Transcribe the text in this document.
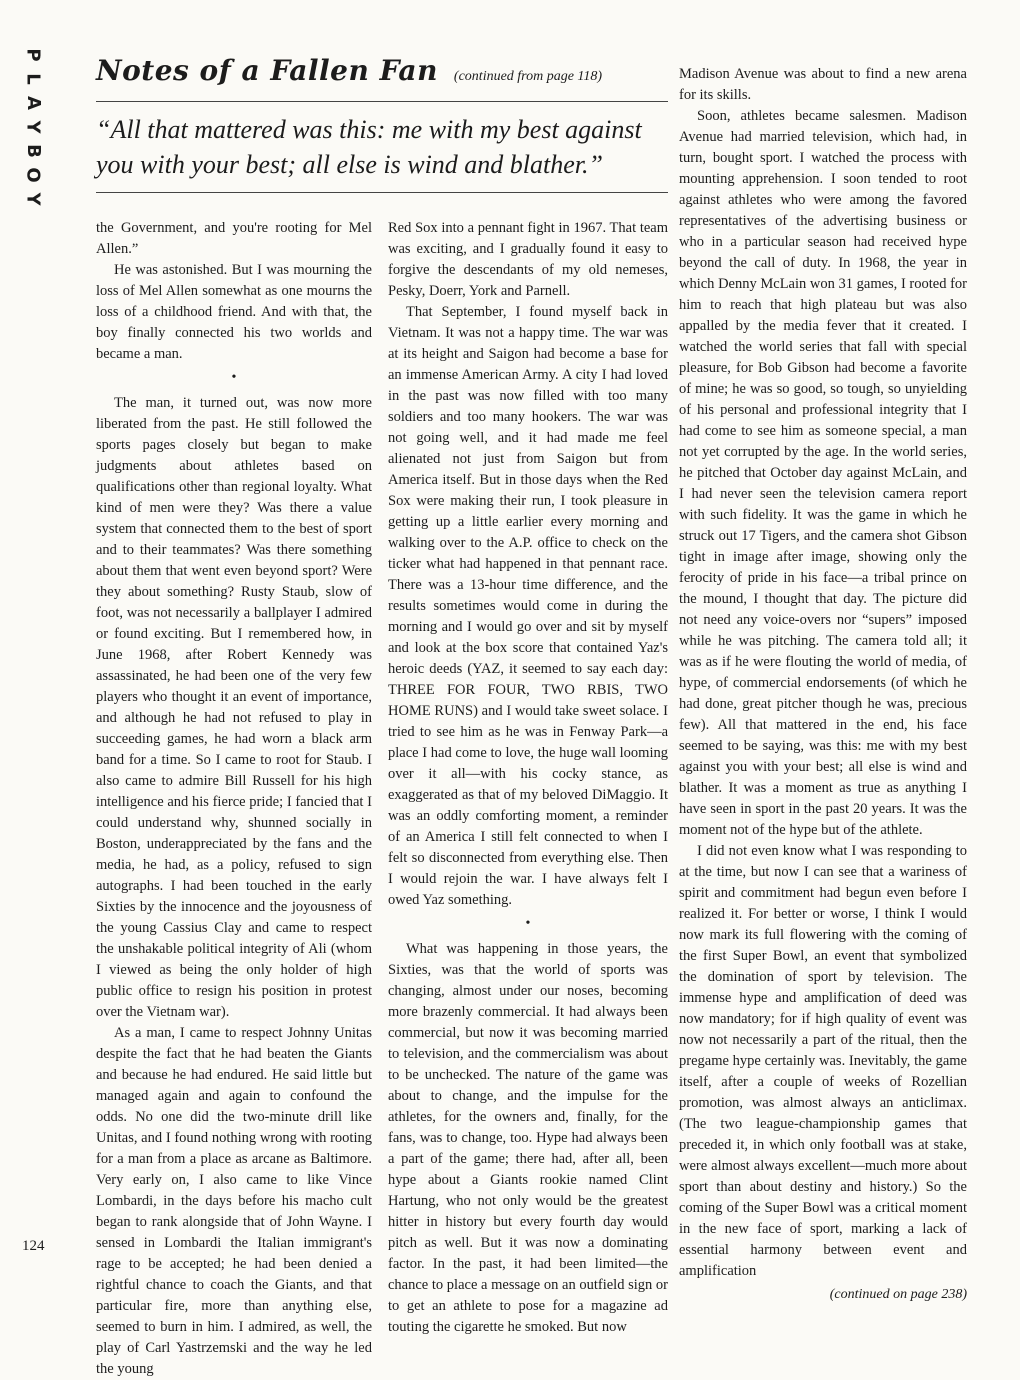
P
L
A
Y
B
O
Y
Notes of a Fallen Fan (continued from page 118)
“All that mattered was this: me with my best against you with your best; all else is wind and blather.”

the Government, and you're rooting for Mel Allen.”

He was astonished. But I was mourning the loss of Mel Allen somewhat as one mourns the loss of a childhood friend. And with that, the boy finally connected his two worlds and became a man.

•

The man, it turned out, was now more liberated from the past. He still followed the sports pages closely but began to make judgments about athletes based on qualifications other than regional loyalty. What kind of men were they? Was there a value system that connected them to the best of sport and to their teammates? Was there something about them that went even beyond sport? Were they about something? Rusty Staub, slow of foot, was not necessarily a ballplayer I admired or found exciting. But I remembered how, in June 1968, after Robert Kennedy was assassinated, he had been one of the very few players who thought it an event of importance, and although he had not refused to play in succeeding games, he had worn a black arm band for a time. So I came to root for Staub. I also came to admire Bill Russell for his high intelligence and his fierce pride; I fancied that I could understand why, shunned socially in Boston, underappreciated by the fans and the media, he had, as a policy, refused to sign autographs. I had been touched in the early Sixties by the innocence and the joyousness of the young Cassius Clay and came to respect the unshakable political integrity of Ali (whom I viewed as being the only holder of high public office to resign his position in protest over the Vietnam war).

As a man, I came to respect Johnny Unitas despite the fact that he had beaten the Giants and because he had endured. He said little but managed again and again to confound the odds. No one did the two-minute drill like Unitas, and I found nothing wrong with rooting for a man from a place as arcane as Baltimore. Very early on, I also came to like Vince Lombardi, in the days before his macho cult began to rank alongside that of John Wayne. I sensed in Lombardi the Italian immigrant's rage to be accepted; he had been denied a rightful chance to coach the Giants, and that particular fire, more than anything else, seemed to burn in him. I admired, as well, the play of Carl Yastrzemski and the way he led the young

Red Sox into a pennant fight in 1967. That team was exciting, and I gradually found it easy to forgive the descendants of my old nemeses, Pesky, Doerr, York and Parnell.

That September, I found myself back in Vietnam. It was not a happy time. The war was at its height and Saigon had become a base for an immense American Army. A city I had loved in the past was now filled with too many soldiers and too many hookers. The war was not going well, and it had made me feel alienated not just from Saigon but from America itself. But in those days when the Red Sox were making their run, I took pleasure in getting up a little earlier every morning and walking over to the A.P. office to check on the ticker what had happened in that pennant race. There was a 13-hour time difference, and the results sometimes would come in during the morning and I would go over and sit by myself and look at the box score that contained Yaz's heroic deeds (YAZ, it seemed to say each day: THREE FOR FOUR, TWO RBIS, TWO HOME RUNS) and I would take sweet solace. I tried to see him as he was in Fenway Park—a place I had come to love, the huge wall looming over it all—with his cocky stance, as exaggerated as that of my beloved DiMaggio. It was an oddly comforting moment, a reminder of an America I still felt connected to when I felt so disconnected from everything else. Then I would rejoin the war. I have always felt I owed Yaz something.

•

What was happening in those years, the Sixties, was that the world of sports was changing, almost under our noses, becoming more brazenly commercial. It had always been commercial, but now it was becoming married to television, and the commercialism was about to be unchecked. The nature of the game was about to change, and the impulse for the athletes, for the owners and, finally, for the fans, was to change, too. Hype had always been a part of the game; there had, after all, been hype about a Giants rookie named Clint Hartung, who not only would be the greatest hitter in history but every fourth day would pitch as well. But it was now a dominating factor. In the past, it had been limited—the chance to place a message on an outfield sign or to get an athlete to pose for a magazine ad touting the cigarette he smoked. But now

Madison Avenue was about to find a new arena for its skills.

Soon, athletes became salesmen. Madison Avenue had married television, which had, in turn, bought sport. I watched the process with mounting apprehension. I soon tended to root against athletes who were among the favored representatives of the advertising business or who in a particular season had received hype beyond the call of duty. In 1968, the year in which Denny McLain won 31 games, I rooted for him to reach that high plateau but was also appalled by the media fever that it created. I watched the world series that fall with special pleasure, for Bob Gibson had become a favorite of mine; he was so good, so tough, so unyielding of his personal and professional integrity that I had come to see him as someone special, a man not yet corrupted by the age. In the world series, he pitched that October day against McLain, and I had never seen the television camera report with such fidelity. It was the game in which he struck out 17 Tigers, and the camera shot Gibson tight in image after image, showing only the ferocity of pride in his face—a tribal prince on the mound, I thought that day. The picture did not need any voice-overs nor “supers” imposed while he was pitching. The camera told all; it was as if he were flouting the world of media, of hype, of commercial endorsements (of which he had done, great pitcher though he was, precious few). All that mattered in the end, his face seemed to be saying, was this: me with my best against you with your best; all else is wind and blather. It was a moment as true as anything I have seen in sport in the past 20 years. It was the moment not of the hype but of the athlete.

I did not even know what I was responding to at the time, but now I can see that a wariness of spirit and commitment had begun even before I realized it. For better or worse, I think I would now mark its full flowering with the coming of the first Super Bowl, an event that symbolized the domination of sport by television. The immense hype and amplification of deed was now mandatory; for if high quality of event was now not necessarily a part of the ritual, then the pregame hype certainly was. Inevitably, the game itself, after a couple of weeks of Rozellian promotion, was almost always an anticlimax. (The two league-championship games that preceded it, in which only football was at stake, were almost always excellent—much more about sport than about destiny and history.) So the coming of the Super Bowl was a critical moment in the new face of sport, marking a lack of essential harmony between event and amplification

(continued on page 238)
124
